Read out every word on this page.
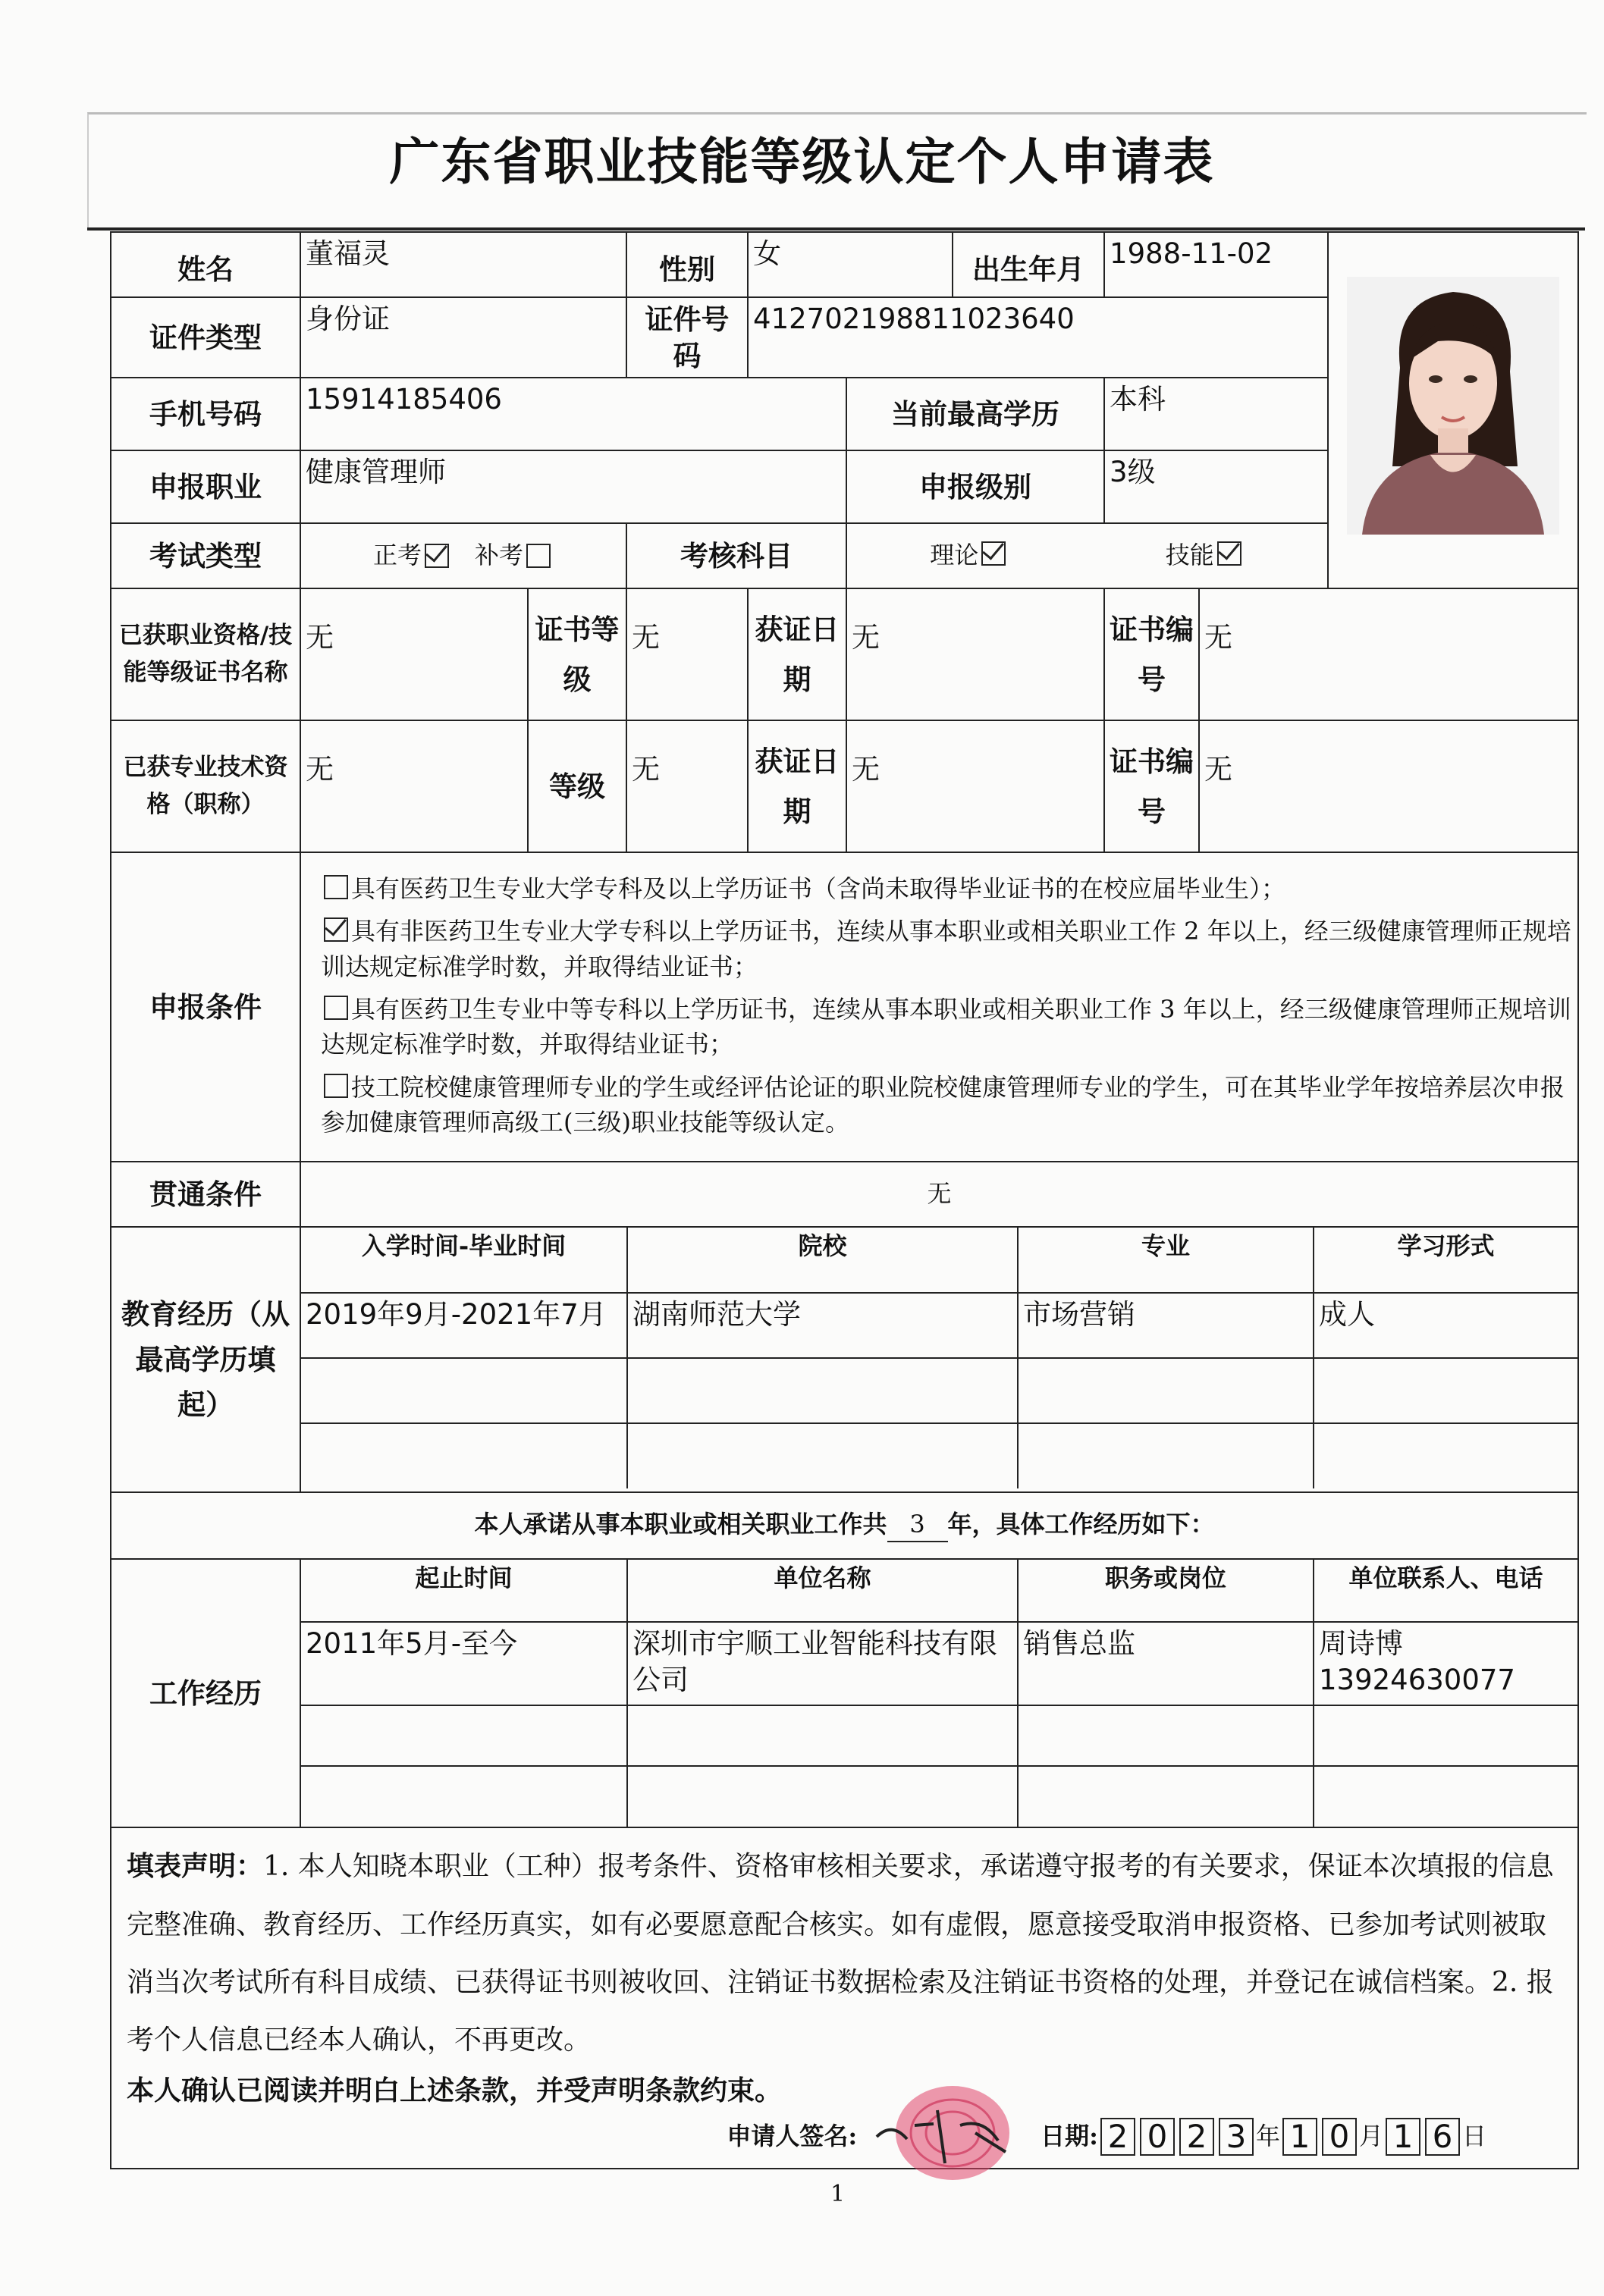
广东省职业技能等级认定个人申请表
姓名	董福灵	性别	女	出生年月	1988-11-02	
证件类型	身份证	证件号码	412702198811023640
手机号码	15914185406	当前最高学历	本科
申报职业	健康管理师	申报级别	3级
考试类型	正考 补考	考核科目	理论	技能

已获职业资格/技能等级证书名称	无	证书等级	无	获证日期	无	证书编号	无
已获专业技术资格（职称）	无	等级	无	获证日期	无	证书编号	无
申报条件	
具有医药卫生专业大学专科及以上学历证书（含尚未取得毕业证书的在校应届毕业生）；
具有非医药卫生专业大学专科以上学历证书，连续从事本职业或相关职业工作 2 年以上，经三级健康管理师正规培训达规定标准学时数，并取得结业证书；
具有医药卫生专业中等专科以上学历证书，连续从事本职业或相关职业工作 3 年以上，经三级健康管理师正规培训达规定标准学时数，并取得结业证书；
技工院校健康管理师专业的学生或经评估论证的职业院校健康管理师专业的学生，可在其毕业学年按培养层次申报参加健康管理师高级工(三级)职业技能等级认定。

贯通条件	无
教育经历（从最高学历填起）	
入学时间-毕业时间	院校	专业	学习形式
2019年9月-2021年7月	湖南师范大学	市场营销	成人

本人承诺从事本职业或相关职业工作共 3 年，具体工作经历如下：
工作经历	
起止时间	单位名称	职务或岗位	单位联系人、电话
2011年5月-至今	深圳市宇顺工业智能科技有限公司	销售总监	周诗博 13924630077

填表声明：1. 本人知晓本职业（工种）报考条件、资格审核相关要求，承诺遵守报考的有关要求，保证本次填报的信息完整准确、教育经历、工作经历真实，如有必要愿意配合核实。如有虚假，愿意接受取消申报资格、已参加考试则被取消当次考试所有科目成绩、已获得证书则被收回、注销证书数据检索及注销证书资格的处理，并登记在诚信档案。2. 报考个人信息已经本人确认，不再更改。
本人确认已阅读并明白上述条款，并受声明条款约束。
申请人签名:	日期: 2 0 2 3 年 1 0 月 1 6 日
1
